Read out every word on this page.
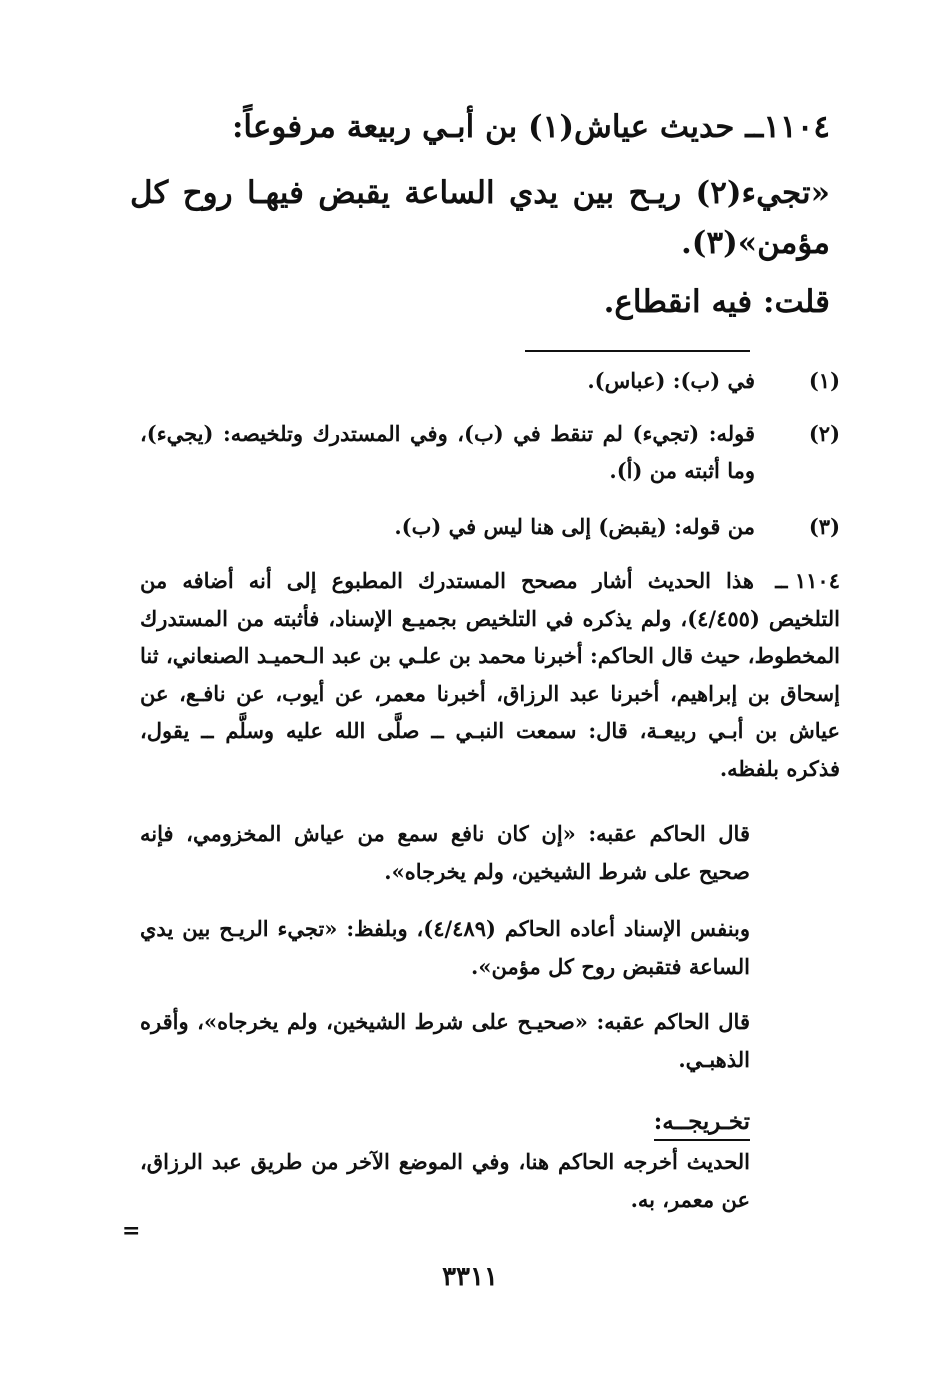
١١٠٤ــ حديث عياش(١) بن أبـي ربيعة مرفوعاً:
«تجيء(٢) ريـح بين يدي الساعة يقبض فيهـا روح كل مؤمن»(٣).
قلت: فيه انقطاع.
(١)
في (ب): (عباس).
(٢)
قوله: (تجيء) لم تنقط في (ب)، وفي المستدرك وتلخيصه: (يجيء)، وما أثبته من (أ).
(٣)
من قوله: (يقبض) إلى هنا ليس في (ب).
١١٠٤ ــ

هذا الحديث أشار مصحح المستدرك المطبوع إلى أنه أضافه من التلخيص (٤/٤٥٥)، ولم يذكره في التلخيص بجميـع الإسناد، فأثبته من المستدرك المخطوط، حيث قال الحاكم: أخبرنا محمد بن علـي بن عبد الـحميـد الصنعاني، ثنا إسحاق بن إبراهيم، أخبرنا عبد الرزاق، أخبرنا معمر، عن أيوب، عن نافـع، عن عياش بن أبـي ربيعـة، قال: سمعت النبـي ــ صلَّى الله عليه وسلَّم ــ يقول، فذكره بلفظه.

قال الحاكم عقبه: «إن كان نافع سمع من عياش المخزومي، فإنه صحيح على شرط الشيخين، ولم يخرجاه».

وبنفس الإسناد أعاده الحاكم (٤/٤٨٩)، وبلفظ: «تجيء الريـح بين يدي الساعة فتقبض روح كل مؤمن».

قال الحاكم عقبه: «صحيـح على شرط الشيخين، ولم يخرجاه»، وأقره الذهبـي.

تخـريجــه:

الحديث أخرجه الحاكم هنا، وفي الموضع الآخر من طريق عبد الرزاق، عن معمر، به.

=
٣٣١١
